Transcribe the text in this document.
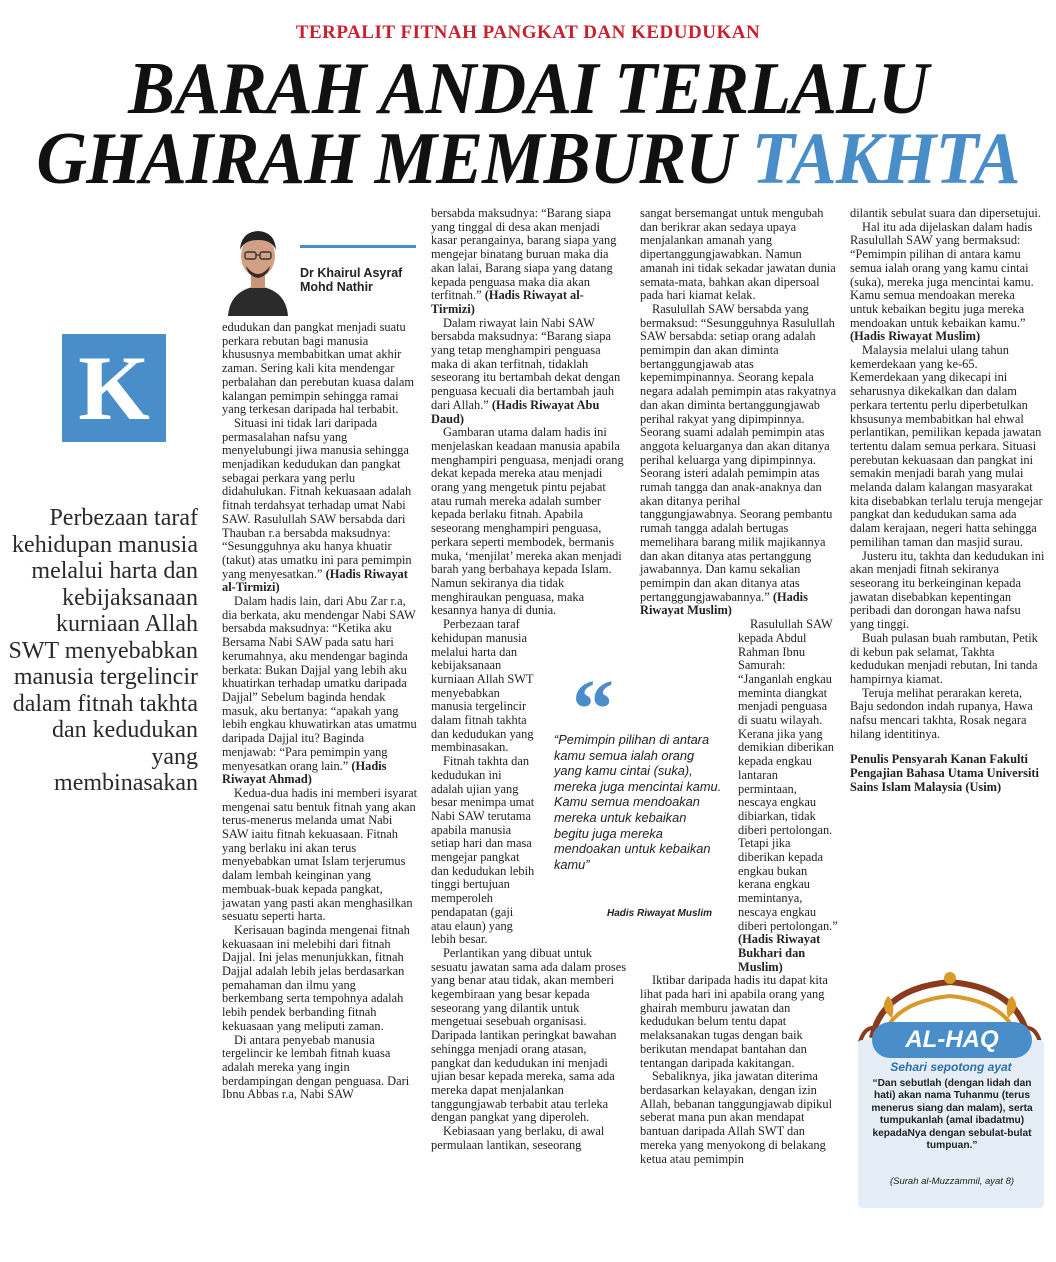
TERPALIT FITNAH PANGKAT DAN KEDUDUKAN
BARAH ANDAI TERLALU
GHAIRAH MEMBURU TAKHTA
Dr Khairul Asyraf
Mohd Nathir
K
Perbezaan taraf kehidupan manusia melalui harta dan kebijaksanaan kurniaan Allah SWT menyebabkan manusia tergelincir dalam fitnah takhta dan kedudukan yang membinasakan

edudukan dan pangkat menjadi suatu perkara rebutan bagi manusia khususnya membabitkan umat akhir zaman. Sering kali kita mendengar perbalahan dan perebutan kuasa dalam kalangan pemimpin sehingga ramai yang terkesan daripada hal terbabit.

Situasi ini tidak lari daripada permasalahan nafsu yang menyelubungi jiwa manusia sehingga menjadikan kedudukan dan pangkat sebagai perkara yang perlu didahulukan. Fitnah kekuasaan adalah fitnah terdahsyat terhadap umat Nabi SAW. Rasulullah SAW bersabda dari Thauban r.a bersabda maksudnya: “Sesungguhnya aku hanya khuatir (takut) atas umatku ini para pemimpin yang menyesatkan.” (Hadis Riwayat al-Tirmizi)

Dalam hadis lain, dari Abu Zar r.a, dia berkata, aku mendengar Nabi SAW bersabda maksudnya: “Ketika aku Bersama Nabi SAW pada satu hari kerumahnya, aku mendengar baginda berkata: Bukan Dajjal yang lebih aku khuatirkan terhadap umatku daripada Dajjal” Sebelum baginda hendak masuk, aku bertanya: “apakah yang lebih engkau khuwatirkan atas umatmu daripada Dajjal itu? Baginda menjawab: “Para pemimpin yang menyesatkan orang lain.” (Hadis Riwayat Ahmad)

Kedua-dua hadis ini memberi isyarat mengenai satu bentuk fitnah yang akan terus-menerus melanda umat Nabi SAW iaitu fitnah kekuasaan. Fitnah yang berlaku ini akan terus menyebabkan umat Islam terjerumus dalam lembah keinginan yang membuak-buak kepada pangkat, jawatan yang pasti akan menghasilkan sesuatu seperti harta.

Kerisauan baginda mengenai fitnah kekuasaan ini melebihi dari fitnah Dajjal. Ini jelas menunjukkan, fitnah Dajjal adalah lebih jelas berdasarkan pemahaman dan ilmu yang berkembang serta tempohnya adalah lebih pendek berbanding fitnah kekuasaan yang meliputi zaman.

Di antara penyebab manusia tergelincir ke lembah fitnah kuasa adalah mereka yang ingin berdampingan dengan penguasa. Dari Ibnu Abbas r.a, Nabi SAW

bersabda maksudnya: “Barang siapa yang tinggal di desa akan menjadi kasar perangainya, barang siapa yang mengejar binatang buruan maka dia akan lalai, Barang siapa yang datang kepada penguasa maka dia akan terfitnah.” (Hadis Riwayat al-Tirmizi)

Dalam riwayat lain Nabi SAW bersabda maksudnya: “Barang siapa yang tetap menghampiri penguasa maka di akan terfitnah, tidaklah seseorang itu bertambah dekat dengan penguasa kecuali dia bertambah jauh dari Allah.” (Hadis Riwayat Abu Daud)

Gambaran utama dalam hadis ini menjelaskan keadaan manusia apabila menghampiri penguasa, menjadi orang dekat kepada mereka atau menjadi orang yang mengetuk pintu pejabat atau rumah mereka adalah sumber kepada berlaku fitnah. Apabila seseorang menghampiri penguasa, perkara seperti membodek, bermanis muka, ‘menjilat’ mereka akan menjadi barah yang berbahaya kepada Islam. Namun sekiranya dia tidak menghiraukan penguasa, maka kesannya hanya di dunia.

Perbezaan taraf kehidupan manusia melalui harta dan kebijaksanaan kurniaan Allah SWT menyebabkan manusia tergelincir dalam fitnah takhta dan kedudukan yang membinasakan.

Fitnah takhta dan kedudukan ini adalah ujian yang besar menimpa umat Nabi SAW terutama apabila manusia setiap hari dan masa mengejar pangkat dan kedudukan lebih tinggi bertujuan memperoleh pendapatan (gaji atau elaun) yang lebih besar.

Perlantikan yang dibuat untuk sesuatu jawatan sama ada dalam proses yang benar atau tidak, akan memberi kegembiraan yang besar kepada seseorang yang dilantik untuk mengetuai sesebuah organisasi. Daripada lantikan peringkat bawahan sehingga menjadi orang atasan, pangkat dan kedudukan ini menjadi ujian besar kepada mereka, sama ada mereka dapat menjalankan tanggungjawab terbabit atau terleka dengan pangkat yang diperoleh.

Kebiasaan yang berlaku, di awal permulaan lantikan, seseorang

sangat bersemangat untuk mengubah dan berikrar akan sedaya upaya menjalankan amanah yang dipertanggungjawabkan. Namun amanah ini tidak sekadar jawatan dunia semata-mata, bahkan akan dipersoal pada hari kiamat kelak.

Rasulullah SAW bersabda yang bermaksud: “Sesungguhnya Rasulullah SAW bersabda: setiap orang adalah pemimpin dan akan diminta bertanggungjawab atas kepemimpinannya. Seorang kepala negara adalah pemimpin atas rakyatnya dan akan diminta bertanggungjawab perihal rakyat yang dipimpinnya. Seorang suami adalah pemimpin atas anggota keluarganya dan akan ditanya perihal keluarga yang dipimpinnya. Seorang isteri adalah pemimpin atas rumah tangga dan anak-anaknya dan akan ditanya perihal tanggungjawabnya. Seorang pembantu rumah tangga adalah bertugas memelihara barang milik majikannya dan akan ditanya atas pertanggung jawabannya. Dan kamu sekalian pemimpin dan akan ditanya atas pertanggungjawabannya.” (Hadis Riwayat Muslim)

Rasulullah SAW kepada Abdul Rahman Ibnu Samurah: “Janganlah engkau meminta diangkat menjadi penguasa di suatu wilayah. Kerana jika yang demikian diberikan kepada engkau lantaran permintaan, nescaya engkau dibiarkan, tidak diberi pertolongan. Tetapi jika diberikan kepada engkau bukan kerana engkau memintanya, nescaya engkau diberi pertolongan.” (Hadis Riwayat Bukhari dan Muslim)

Iktibar daripada hadis itu dapat kita lihat pada hari ini apabila orang yang ghairah memburu jawatan dan kedudukan belum tentu dapat melaksanakan tugas dengan baik berikutan mendapat bantahan dan tentangan daripada kakitangan.

Sebaliknya, jika jawatan diterima berdasarkan kelayakan, dengan izin Allah, bebanan tanggungjawab dipikul seberat mana pun akan mendapat bantuan daripada Allah SWT dan mereka yang menyokong di belakang ketua atau pemimpin

dilantik sebulat suara dan dipersetujui.

Hal itu ada dijelaskan dalam hadis Rasulullah SAW yang bermaksud: “Pemimpin pilihan di antara kamu semua ialah orang yang kamu cintai (suka), mereka juga mencintai kamu. Kamu semua mendoakan mereka untuk kebaikan begitu juga mereka mendoakan untuk kebaikan kamu.” (Hadis Riwayat Muslim)

Malaysia melalui ulang tahun kemerdekaan yang ke-65. Kemerdekaan yang dikecapi ini seharusnya dikekalkan dan dalam perkara tertentu perlu diperbetulkan khsusunya membabitkan hal ehwal perlantikan, pemilikan kepada jawatan tertentu dalam semua perkara. Situasi perebutan kekuasaan dan pangkat ini semakin menjadi barah yang mulai melanda dalam kalangan masyarakat kita disebabkan terlalu teruja mengejar pangkat dan kedudukan sama ada dalam kerajaan, negeri hatta sehingga pemilihan taman dan masjid surau.

Justeru itu, takhta dan kedudukan ini akan menjadi fitnah sekiranya seseorang itu berkeinginan kepada jawatan disebabkan kepentingan peribadi dan dorongan hawa nafsu yang tinggi.

Buah pulasan buah rambutan, Petik di kebun pak selamat, Takhta kedudukan menjadi rebutan, Ini tanda hampirnya kiamat.

Teruja melihat perarakan kereta, Baju sedondon indah rupanya, Hawa nafsu mencari takhta, Rosak negara hilang identitinya.

Penulis Pensyarah Kanan Fakulti Pengajian Bahasa Utama Universiti Sains Islam Malaysia (Usim)

“
“Pemimpin pilihan di antara kamu semua ialah orang yang kamu cintai (suka), mereka juga mencintai kamu. Kamu semua mendoakan mereka untuk kebaikan begitu juga mereka mendoakan untuk kebaikan kamu”
Hadis Riwayat Muslim
AL-HAQ
Sehari sepotong ayat
“Dan sebutlah (dengan lidah dan hati) akan nama Tuhanmu (terus menerus siang dan malam), serta tumpukanlah (amal ibadatmu) kepadaNya dengan sebulat-bulat tumpuan.”
(Surah al-Muzzammil, ayat 8)
